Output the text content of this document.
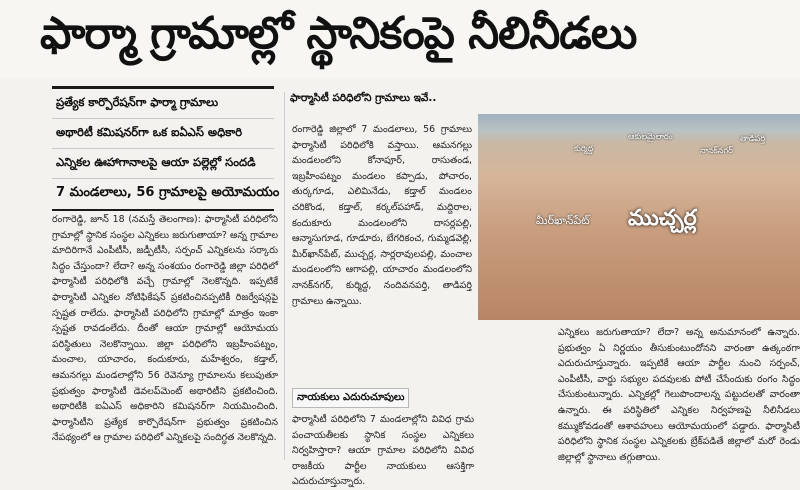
ఫార్మా గ్రామాల్లో స్థానికంపై నీలినీడలు
ప్రత్యేక కార్పొరేషన్‌గా ఫార్మా గ్రామాలు
అథారిటీ కమిషనర్‌గా ఒక ఐఏఎస్ అధికారి
ఎన్నికల ఊహాగానాలపై ఆయా పల్లెల్లో సందడి
7 మండలాలు, 56 గ్రామాలపై అయోమయం
రంగారెడ్డి, జూన్ 18 (నమస్తే తెలంగాణ): ఫార్మాసిటీ పరిధిలోని గ్రామాల్లో స్థానిక సంస్థల ఎన్నికలు జరుగుతాయా? అన్న గ్రామాల మాదిరిగానే ఎంపీటీసీ, జడ్పీటీసీ, సర్పంచ్ ఎన్నికలను సర్కారు సిద్ధం చేస్తుందా? లేదా? అన్న సంశయం రంగారెడ్డి జిల్లా పరిధిలో ఫార్మాసిటీ పరిధిలోకి వచ్చే గ్రామాల్లో నెలకొన్నది. ఇప్పటికే ఫార్మాసిటీ ఎన్నికల నోటిఫికేషన్ ప్రకటించినప్పటికీ రిజర్వేషన్లపై స్పష్టత రాలేదు. ఫార్మాసిటీ పరిధిలోని గ్రామాల్లో మాత్రం ఇంకా స్పష్టత రావడంలేదు. దీంతో ఆయా గ్రామాల్లో ఆయోమయ పరిస్థితులు నెలకొన్నాయి. జిల్లా పరిధిలోని ఇబ్రహీంపట్నం, మంచాల, యాచారం, కందుకూరు, మహేశ్వరం, కడ్తాల్, ఆమనగల్లు మండలాల్లోని 56 రెవెన్యూ గ్రామాలను కలుపుతూ ప్రభుత్వం ఫార్మాసిటీ డెవలప్‌మెంట్ అథారిటీని ప్రకటించింది. అథారిటీకి ఐఏఎస్ అధికారిని కమిషనర్‌గా నియమించింది. ఫార్మాసిటీని ప్రత్యేక కార్పొరేషన్‌గా ప్రభుత్వం ప్రకటించిన నేపథ్యంలో ఆ గ్రామాల పరిధిలో ఎన్నికలపై సందిగ్ధత నెలకొన్నది.
ఫార్మాసిటీ పరిధిలోని గ్రామాలు ఇవే..
రంగారెడ్డి జిల్లాలో 7 మండలాలు, 56 గ్రామాలు ఫార్మాసిటీ పరిధిలోకి వస్తాయి. ఆమనగల్లు మండలంలోని కోనాపూర్, రాసుతండ, ఇబ్రహీంపట్నం మండలం కప్పాడు, పోచారం, తుర్కగూడ, ఎలిమినేడు, కడ్తాల్ మండలం చరికొండ, కడ్తాల్, కర్కల్‌పహాడ్, మద్దిరాల, కందుకూరు మండలంలోని దాసర్లపల్లి, ఆన్మాసుగూడ, గూడూరు, బేగరికంచ, గుమ్మడవెల్లి, మీర్‌ఖాన్‌పేట్, ముచ్చర్ల, సార్లరావులపల్లి, మంచాల మండలంలోని ఆగాపల్లి, యాచారం మండలంలోని నానక్‌నగర్, కుర్మిద్ద, నందివనపర్తి, తాడిపర్తి గ్రామాలు ఉన్నాయి.
నాయకులు ఎదురుచూపులు
ఫార్మాసిటీ పరిధిలోని 7 మండలాల్లోని వివిధ గ్రామ పంచాయతీలకు స్థానిక సంస్థల ఎన్నికలు నిర్వహిస్తారా? ఆయా గ్రామాల పరిధిలోని వివిధ రాజకీయ పార్టీల నాయకులు ఆసక్తిగా ఎదురుచూస్తున్నారు.
కుర్మిద్ద
ఆకులమైలారం
నానక్‌నగర్
తాడిపర్తి
ముచ్చర్ల
మీర్‌ఖాన్‌పేట్
ఎన్నికలు జరుగుతాయా? లేదా? అన్న అనుమానంలో ఉన్నారు. ప్రభుత్వం ఏ నిర్ణయం తీసుకుంటుందోనని వారంతా ఉత్కంఠగా ఎదురుచూస్తున్నారు. ఇప్పటికే ఆయా పార్టీల నుంచి సర్పంచ్, ఎంపీటీసీ, వార్డు సభ్యుల పదవులకు పోటీ చేసేందుకు రంగం సిద్ధం చేసుకుంటున్నారు. ఎన్నికల్లో గెలుపొందాలన్న పట్టుదలతో వారంతా ఉన్నారు. ఈ పరిస్థితిలో ఎన్నికల నిర్వహణపై నీలినీడలు కమ్ముకోవడంతో ఆశావహులు ఆయోమయంలో పడ్డారు. ఫార్మాసిటీ పరిధిలోని స్థానిక సంస్థల ఎన్నికలకు బ్రేక్‌పడితే జిల్లాలో మరో రెండు జిల్లాల్లో స్థానాలు తగ్గుతాయి.
